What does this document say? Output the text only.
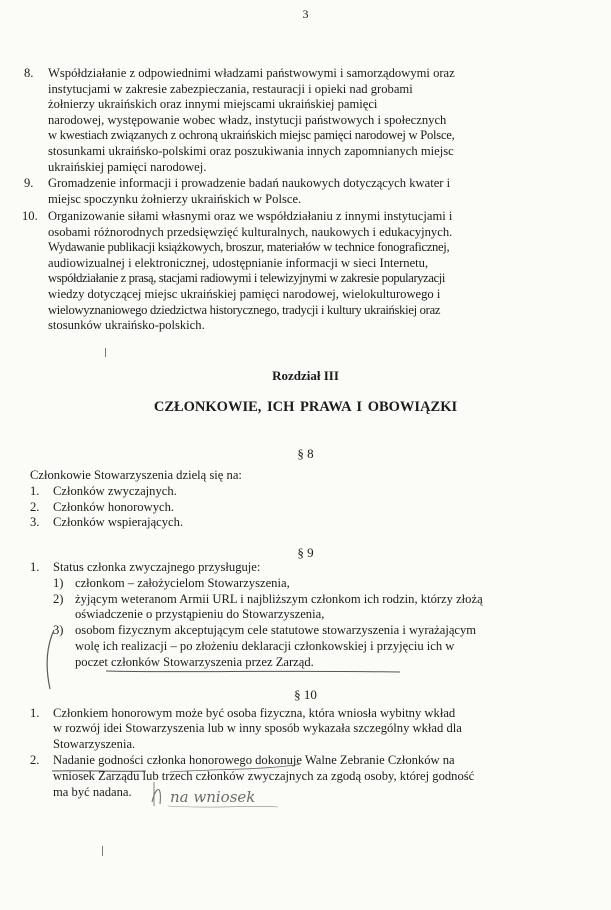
3
8. Współdziałanie z odpowiednimi władzami państwowymi i samorządowymi oraz
instytucjami w zakresie zabezpieczania, restauracji i opieki nad grobami
żołnierzy ukraińskich oraz innymi miejscami ukraińskiej pamięci
narodowej, występowanie wobec władz, instytucji państwowych i społecznych
w kwestiach związanych z ochroną ukraińskich miejsc pamięci narodowej w Polsce,
stosunkami ukraińsko-polskimi oraz poszukiwania innych zapomnianych miejsc
ukraińskiej pamięci narodowej.
9. Gromadzenie informacji i prowadzenie badań naukowych dotyczących kwater i
miejsc spoczynku żołnierzy ukraińskich w Polsce.
10. Organizowanie siłami własnymi oraz we współdziałaniu z innymi instytucjami i
osobami różnorodnych przedsięwzięć kulturalnych, naukowych i edukacyjnych.
Wydawanie publikacji książkowych, broszur, materiałów w technice fonograficznej,
audiowizualnej i elektronicznej, udostępnianie informacji w sieci Internetu,
współdziałanie z prasą, stacjami radiowymi i telewizyjnymi w zakresie popularyzacji
wiedzy dotyczącej miejsc ukraińskiej pamięci narodowej, wielokulturowego i
wielowyznaniowego dziedzictwa historycznego, tradycji i kultury ukraińskiej oraz
stosunków ukraińsko-polskich.
Rozdział III
CZŁONKOWIE, ICH PRAWA I OBOWIĄZKI
§ 8
Członkowie Stowarzyszenia dzielą się na:
1. Członków zwyczajnych.
2. Członków honorowych.
3. Członków wspierających.
§ 9
1. Status członka zwyczajnego przysługuje:
1) członkom – założycielom Stowarzyszenia,
2) żyjącym weteranom Armii URL i najbliższym członkom ich rodzin, którzy złożą
oświadczenie o przystąpieniu do Stowarzyszenia,
3) osobom fizycznym akceptującym cele statutowe stowarzyszenia i wyrażającym
wolę ich realizacji – po złożeniu deklaracji członkowskiej i przyjęciu ich w
poczet członków Stowarzyszenia przez Zarząd.
§ 10
1. Członkiem honorowym może być osoba fizyczna, która wniosła wybitny wkład
w rozwój idei Stowarzyszenia lub w inny sposób wykazała szczególny wkład dla
Stowarzyszenia.
2. Nadanie godności członka honorowego dokonuje Walne Zebranie Członków na
wniosek Zarządu lub trzech członków zwyczajnych za zgodą osoby, której godność
ma być nadana.	na wniosek
